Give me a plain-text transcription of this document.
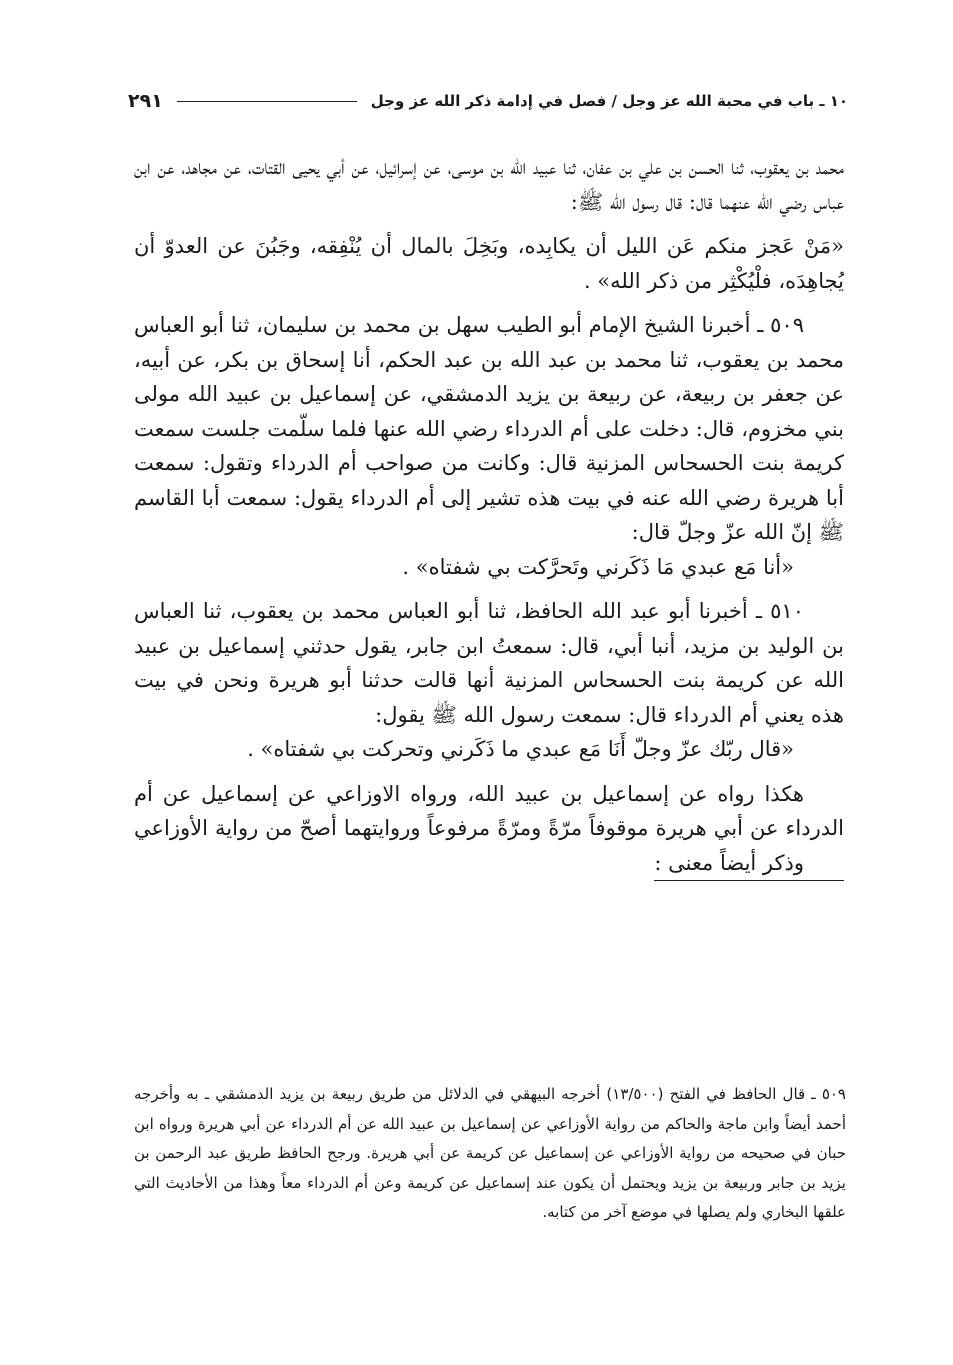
١٠ ـ باب في محبة الله عز وجل / فصل في إدامة ذكر الله عز وجل
٢٩١

محمد بن يعقوب، ثنا الحسن بن علي بن عفان، ثنا عبيد الله بن موسى، عن إسرائيل، عن أبي يحيى القتات، عن مجاهد، عن ابن عباس رضي الله عنهما قال: قال رسول الله ﷺ:

«مَنْ عَجز منكم عَن الليل أن يكابِده، وبَخِلَ بالمال أن يُنْفِقه، وجَبُنَ عن العدوّ أن يُجاهِدَه، فلْيُكْثِر من ذكر الله» .

٥٠٩ ـ أخبرنا الشيخ الإمام أبو الطيب سهل بن محمد بن سليمان، ثنا أبو العباس محمد بن يعقوب، ثنا محمد بن عبد الله بن عبد الحكم، أنا إسحاق بن بكر، عن أبيه، عن جعفر بن ربيعة، عن ربيعة بن يزيد الدمشقي، عن إسماعيل بن عبيد الله مولى بني مخزوم، قال: دخلت على أم الدرداء رضي الله عنها فلما سلّمت جلست سمعت كريمة بنت الحسحاس المزنية قال: وكانت من صواحب أم الدرداء وتقول: سمعت أبا هريرة رضي الله عنه في بيت هذه تشير إلى أم الدرداء يقول: سمعت أبا القاسم ﷺ إنّ الله عزّ وجلّ قال:

«أنا مَع عبدي مَا ذَكَرني وتَحرَّكت بي شفتاه» .

٥١٠ ـ أخبرنا أبو عبد الله الحافظ، ثنا أبو العباس محمد بن يعقوب، ثنا العباس بن الوليد بن مزيد، أنبا أبي، قال: سمعتُ ابن جابر، يقول حدثني إسماعيل بن عبيد الله عن كريمة بنت الحسحاس المزنية أنها قالت حدثنا أبو هريرة ونحن في بيت هذه يعني أم الدرداء قال: سمعت رسول الله ﷺ يقول:

«قال ربّك عزّ وجلّ أَنَا مَع عبدي ما ذَكَرني وتحركت بي شفتاه» .

هكذا رواه عن إسماعيل بن عبيد الله، ورواه الاوزاعي عن إسماعيل عن أم الدرداء عن أبي هريرة موقوفاً مرّةً ومرّةً مرفوعاً وروايتهما أصحّ من رواية الأوزاعي وذكر أيضاً معنى :

٥٠٩ ـ قال الحافظ في الفتح (١٣/٥٠٠) أخرجه البيهقي في الدلائل من طريق ربيعة بن يزيد الدمشقي ـ به وأخرجه أحمد أيضاً وابن ماجة والحاكم من رواية الأوزاعي عن إسماعيل بن عبيد الله عن أم الدرداء عن أبي هريرة ورواه ابن حبان في صحيحه من رواية الأوزاعي عن إسماعيل عن كريمة عن أبي هريرة. ورجح الحافظ طريق عبد الرحمن بن يزيد بن جابر وربيعة بن يزيد ويحتمل أن يكون عند إسماعيل عن كريمة وعن أم الدرداء معاً وهذا من الأحاديث التي علقها البخاري ولم يصلها في موضع آخر من كتابه.
